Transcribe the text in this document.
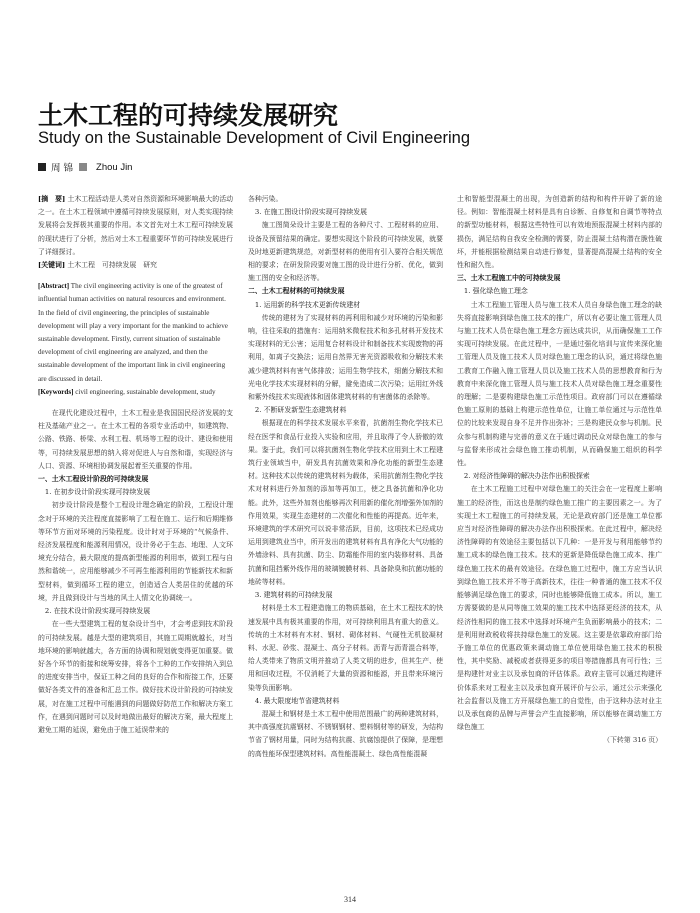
土木工程的可持续发展研究
Study on the Sustainable Development of Civil Engineering
周 锦 Zhou Jin

[摘　要] 土木工程活动是人类对自然资源和环境影响最大的活动之一。在土木工程领域中遵循可持续发展原则，对人类实现持续发展将会发挥极其重要的作用。本文首先对土木工程可持续发展的现状进行了分析，然后对土木工程重要环节的可持续发展进行了详细探讨。

[关键词] 土木工程　可持续发展　研究

[Abstract] The civil engineering activity is one of the greatest of influential human activities on natural resources and environment. In the field of civil engineering, the principles of sustainable development will play a very important for the mankind to achieve sustainable development. Firstly, current situation of sustainable development of civil engineering are analyzed, and then the sustainable development of the important link in civil engineering are discussed in detail.

[Keywords] civil engineering, sustainable development, study

在现代化建设过程中，土木工程业是我国国民经济发展的支柱及基础产业之一。在土木工程的各项专业活动中，如建筑物、公路、铁路、桥梁、水利工程、机场等工程的设计、建设和使用等，可持续发展思想的纳入将对促进人与自然和谐，实现经济与人口、资源、环境相协调发展起着至关重要的作用。

一、土木工程设计阶段的可持续发展

1. 在初步设计阶段实现可持续发展

初步设计阶段是整个工程设计理念确定的阶段，工程设计理念对于环境的关注程度直接影响了工程在施工、运行和后期维修等环节方面对环境的污染程度。设计时对于环境的“气候条件、经济发展程度和能源利用情况，设计务必于生态、地理、人文环境充分结合，最大限度的提高新型能源的利用率，做到工程与自然和谐统一，应用能够减少不可再生能源利用的节能新技术和新型材料，做到循环工程的建立，创造适合人类居住的优越的环境，并且做到设计与当地的风土人情文化协调统一。

2. 在技术设计阶段实现可持续发展

在一些大型建筑工程的复杂设计当中，才会考虑到技术阶段的可持续发展。越是大型的建筑项目，其施工周期就越长，对当地环境的影响就越大，各方面的协调和规划就变得更加重要。做好各个环节的衔接和统筹安排，将各个工种的工作安排纳入到总的进度安排当中，保证工种之间的良好的合作和衔接工作，还要做好各类文件的准备和汇总工作。做好技术设计阶段的可持续发展，对在施工过程中可能遇到的问题做好防范工作和解决方案工作，在遇到问题时可以及时地做出最好的解决方案，最大程度上避免工期的延误，避免由于施工延误带来的

各种污染。

3. 在施工图设计阶段实现可持续发展

施工图简朵设计主要是工程的各种尺寸、工程材料的应用、设备及预留结果的确定。要想实现这个阶段的可持续发展，就要及时地更新建筑规范，对新型材料的使用有引入要符合相关规范相的要求；在研发阶段要对施工图的设计进行分析、优化，做到施工图的安全和经济等。

二、土木工程材料的可持续发展

1. 运用新的科学技术更新传统建材

传统的建材为了实现材料的再利用和减少对环境的污染和影响，往往采取的措施有：运用纳米微粒技术和多孔材料开发技术实现材料的无公害；运用复合材料设计和制备技术实现废物的再利用，如离子交换法；运用自然界无害光资源吸收和分解技术来减少建筑材料有害气体排放；运用生物学技术，细菌分解技术和光电化学技术实现材料的分解，避免造成二次污染；运用红外线和紫外线技术实现液体和固体建筑材料的有害菌体的杀除等。

2. 不断研发新型生态建筑材料

根据现在的科学技术发展水平来看，抗菌剂生物化学技术已经在医学和食品行业投入实验和应用，并且取得了令人骄傲的效果。鉴于此，我们可以将抗菌剂生物化学技术应用到土木工程建筑行业领域当中，研发具有抗菌效果和净化功能的新型生态建材。这种技术以传统的建筑材料为载体，采用抗菌剂生物化学技术对材料进行外加剂的添加等再加工，使之具备抗菌和净化功能。此外，这些外加剂也能够再次利用新的催化剂增强外加剂的作用效果，实现生态建材的二次催化和性能的再提高。近年来，环境建筑的学术研究可以说非常活跃，目前，这项技术已经成功运用到建筑业当中，所开发出的建筑材料有具有净化大气功能的外墙涂料、具有抗菌、防尘、防霜能作用的室内装修材料、具备抗菌和阻挡紫外线作用的玻璃镀膜材料、具备除臭和抗菌功能的地砖等材料。

3. 建筑材料的可持续发展

材料是土木工程建造施工的物质基础，在土木工程技术的快速发展中具有极其重要的作用，对可持续利用具有重大的意义。传统的土木材料有木材、钢材、砌体材料、气硬性无机胶凝材料、水泥、砂浆、混凝土、高分子材料。沥青与沥青混合料等，给人类带来了物质文明并推动了人类文明的进步，但其生产、使用和回收过程，不仅消耗了大量的资源和能源，并且带来环境污染等负面影响。

4. 最大限度地节省建筑材料

混凝土和钢材是土木工程中使用范围最广的两种建筑材料，其中高强度抗震钢材、不锈钢钢材、塑料钢材等的研发，为结构节省了钢材用量，同时为结构抗震、抗腐蚀提供了保障，是理想的高性能环保型建筑材料。高性能混凝土、绿色高性能混凝

土和智能型混凝土的出现，为创造新的结构和构件开辟了新的途径。例如：智能混凝土材料是具有自诊断、自修复和自调节等特点的新型功能材料，根据这些特性可以有效地预报混凝土材料内部的损伤，满足结构自我安全检测的需要，防止混凝土结构潜在脆性破坏，并能根据检测结果自动进行修复，显著提高混凝土结构的安全性和耐久性。

三、土木工程施工中的可持续发展

1. 强化绿色施工理念

土木工程施工管理人员与施工技术人员自身绿色施工理念的缺失将直接影响到绿色施工技术的推广，所以有必要让施工管理人员与施工技术人员在绿色施工理念方面达成共识，从而确保施工工作实现可持续发展。在此过程中，一是通过强化培训与宣传来深化施工管理人员及施工技术人员对绿色施工理念的认识，通过将绿色施工教育工作融入施工管理人员以及施工技术人员的思想教育和行为教育中来深化施工管理人员与施工技术人员对绿色施工理念重要性的理解；二是要构建绿色施工示范性项目。政府部门可以在遵循绿色施工原则的基础上构建示范性单位，让施工单位通过与示范性单位的比较来发现自身不足并作出弥补；三是构建民众参与机制。民众参与机制构建与完善的意义在于通过调动民众对绿色施工的参与与监督来形成社会绿色施工推动机制，从而确保施工组织的科学性。

2. 对经济性障碍的解决办法作出积极探索

在土木工程施工过程中对绿色施工的关注会在一定程度上影响施工的经济性，而这也是制约绿色施工推广的主要因素之一。为了实现土木工程施工的可持续发展，无论是政府部门还是施工单位都应当对经济性障碍的解决办法作出积极探索。在此过程中，解决经济性障碍的有效途径主要包括以下几种：一是开发与利用能够节约施工成本的绿色施工技术。技术的更新是降低绿色施工成本、推广绿色施工技术的最有效途径。在绿色施工过程中，施工方应当认识到绿色施工技术并不等于高新技术，往往一种普通的施工技术不仅能够满足绿色施工的要求，同时也能够降低施工成本。所以，施工方需要做的是从同等施工效果的施工技术中选择更经济的技术，从经济性相同的施工技术中选择对环境产生负面影响最小的技术；二是利用财政税收将扶持绿色施工的发展。这主要是依靠政府部门给予施工单位的优惠政策来调动施工单位使用绿色施工技术的积极性，其中奖励、减税或者获得更多的项目等措施都具有可行性；三是构建针对业主以及承包商的评估体系。政府主管可以通过构建评价体系来对工程业主以及承包商开展评价与公示，通过公示来强化社会监督以及施工方开展绿色施工的自觉性，由于这种办法对业主以及承包商的品牌与声誉会产生直接影响，所以能够在调动施工方绿色施工

（下转第 316 页）

314
